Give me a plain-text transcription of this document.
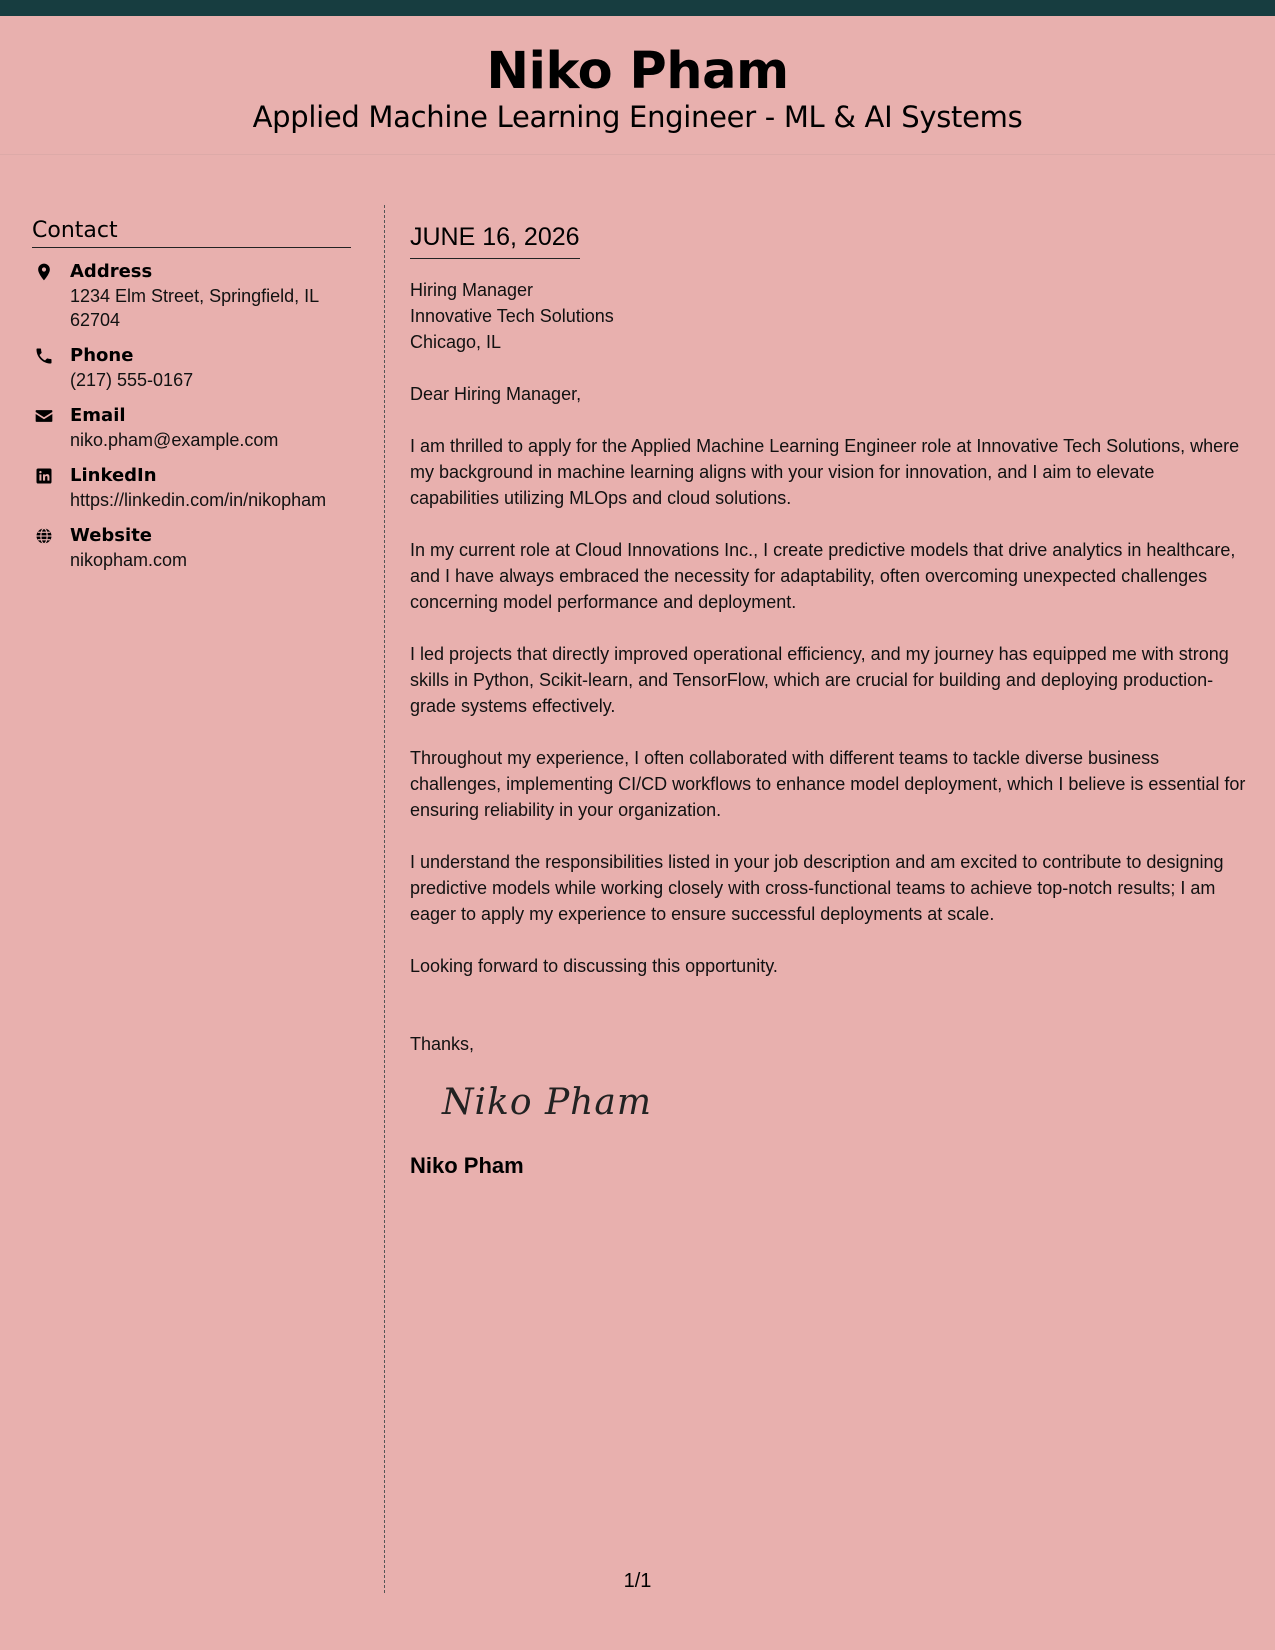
Niko Pham
Applied Machine Learning Engineer - ML & AI Systems
Contact
Address
1234 Elm Street, Springfield, IL 62704
Phone
(217) 555-0167
Email
niko.pham@example.com
LinkedIn
https://linkedin.com/in/nikopham
Website
nikopham.com
JUNE 16, 2026
Hiring Manager
Innovative Tech Solutions
Chicago, IL
Dear Hiring Manager,

I am thrilled to apply for the Applied Machine Learning Engineer role at Innovative Tech Solutions, where my background in machine learning aligns with your vision for innovation, and I aim to elevate capabilities utilizing MLOps and cloud solutions.

In my current role at Cloud Innovations Inc., I create predictive models that drive analytics in healthcare, and I have always embraced the necessity for adaptability, often overcoming unexpected challenges concerning model performance and deployment.

I led projects that directly improved operational efficiency, and my journey has equipped me with strong skills in Python, Scikit-learn, and TensorFlow, which are crucial for building and deploying production-grade systems effectively.

Throughout my experience, I often collaborated with different teams to tackle diverse business challenges, implementing CI/CD workflows to enhance model deployment, which I believe is essential for ensuring reliability in your organization.

I understand the responsibilities listed in your job description and am excited to contribute to designing predictive models while working closely with cross-functional teams to achieve top-notch results; I am eager to apply my experience to ensure successful deployments at scale.

Looking forward to discussing this opportunity.
Thanks,
Niko Pham
Niko Pham
1/1
